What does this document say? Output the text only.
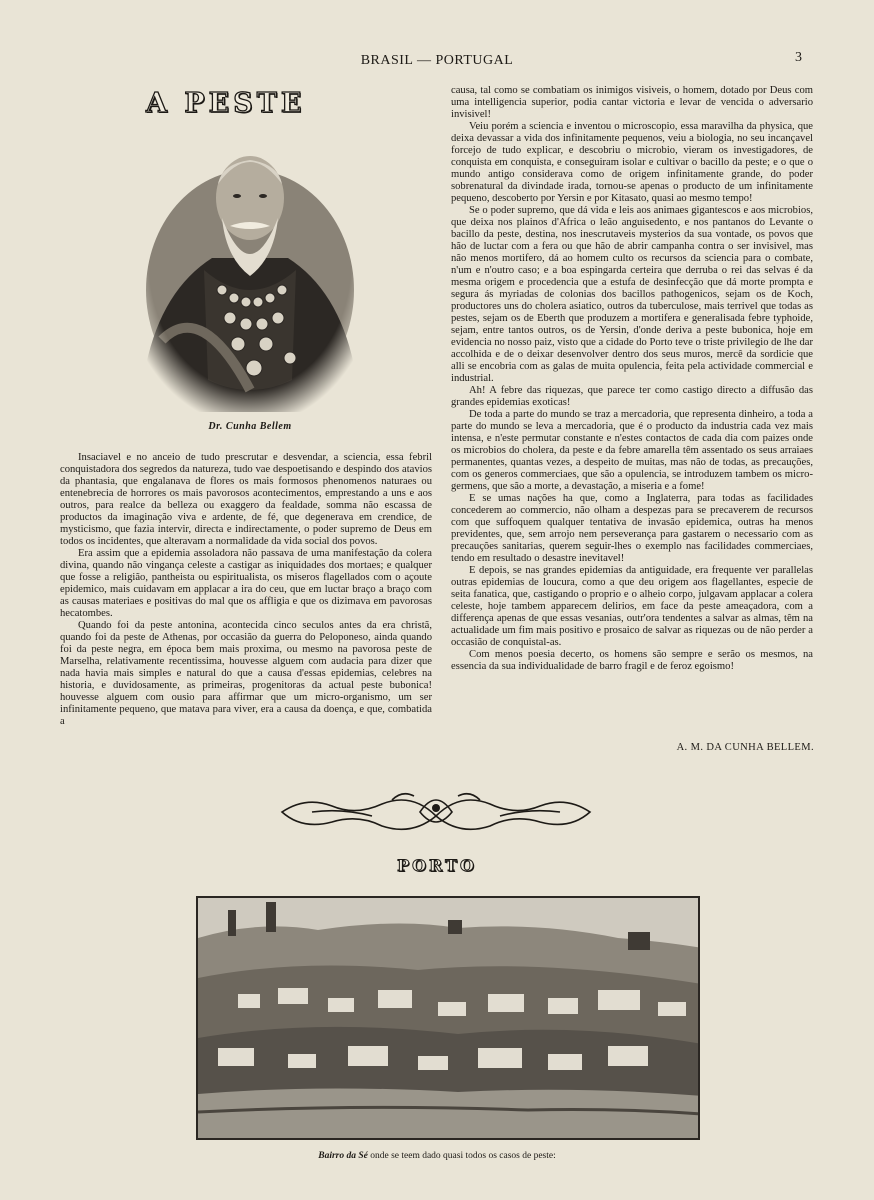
BRASIL — PORTUGAL	3
A PESTE
Dr. Cunha Bellem

Insaciavel e no anceio de tudo prescrutar e desvendar, a sciencia, essa febril conquistadora dos segredos da natureza, tudo vae despoetisando e despindo dos atavios da phantasia, que engalanava de flores os mais formosos phenomenos naturaes ou entenebrecia de horrores os mais pavorosos acontecimentos, emprestando a uns e aos outros, para realce da belleza ou exaggero da fealdade, somma não escassa de productos da imaginação viva e ardente, de fé, que degenerava em crendice, de mysticismo, que fazia intervir, directa e indirectamente, o poder supremo de Deus em todos os incidentes, que alteravam a normalidade da vida social dos povos.

Era assim que a epidemia assoladora não passava de uma manifestação da colera divina, quando não vingança celeste a castigar as iniquidades dos mortaes; e qualquer que fosse a religião, pantheista ou espiritualista, os miseros flagellados com o açoute epidemico, mais cuidavam em applacar a ira do ceu, que em luctar braço a braço com as causas materiaes e positivas do mal que os affligia e que os dizimava em pavorosas hecatombes.

Quando foi da peste antonina, acontecida cinco seculos antes da era christã, quando foi da peste de Athenas, por occasião da guerra do Peloponeso, ainda quando foi da peste negra, em época bem mais proxima, ou mesmo na pavorosa peste de Marselha, relativamente recentissima, houvesse alguem com audacia para dizer que nada havia mais simples e natural do que a causa d'essas epidemias, celebres na historia, e duvidosamente, as primeiras, progenitoras da actual peste bubonica! houvesse alguem com ousio para affirmar que um micro-organismo, um ser infinitamente pequeno, que matava para viver, era a causa da doença, e que, combatida a

causa, tal como se combatiam os inimigos visiveis, o homem, dotado por Deus com uma intelligencia superior, podia cantar victoria e levar de vencida o adversario invisivel!

Veiu porém a sciencia e inventou o microscopio, essa maravilha da physica, que deixa devassar a vida dos infinitamente pequenos, veiu a biologia, no seu incançavel forcejo de tudo explicar, e descobriu o microbio, vieram os investigadores, de conquista em conquista, e conseguiram isolar e cultivar o bacillo da peste; e o que o mundo antigo considerava como de origem infinitamente grande, do poder sobrenatural da divindade irada, tornou-se apenas o producto de um infinitamente pequeno, descoberto por Yersin e por Kitasato, quasi ao mesmo tempo!

Se o poder supremo, que dá vida e leis aos animaes gigantescos e aos microbios, que deixa nos plainos d'Africa o leão anguisedento, e nos pantanos do Levante o bacillo da peste, destina, nos inescrutaveis mysterios da sua vontade, os povos que hão de luctar com a fera ou que hão de abrir campanha contra o ser invisivel, mas não menos mortifero, dá ao homem culto os recursos da sciencia para o combate, n'um e n'outro caso; e a boa espingarda certeira que derruba o rei das selvas é da mesma origem e procedencia que a estufa de desinfecção que dá morte prompta e segura ás myriadas de colonias dos bacillos pathogenicos, sejam os de Koch, productores uns do cholera asiatico, outros da tuberculose, mais terrivel que todas as pestes, sejam os de Eberth que produzem a mortifera e generalisada febre typhoide, sejam, entre tantos outros, os de Yersin, d'onde deriva a peste bubonica, hoje em evidencia no nosso paiz, visto que a cidade do Porto teve o triste privilegio de lhe dar accolhida e de o deixar desenvolver dentro dos seus muros, mercê da sordicie que alli se encobria com as galas de muita opulencia, feita pela actividade commercial e industrial.

Ah! A febre das riquezas, que parece ter como castigo directo a diffusão das grandes epidemias exoticas!

De toda a parte do mundo se traz a mercadoria, que representa dinheiro, a toda a parte do mundo se leva a mercadoria, que é o producto da industria cada vez mais intensa, e n'este permutar constante e n'estes contactos de cada dia com paizes onde os microbios do cholera, da peste e da febre amarella têm assentado os seus arraiaes permanentes, quantas vezes, a despeito de muitas, mas não de todas, as precauções, com os generos commerciaes, que são a opulencia, se introduzem tambem os micro-germens, que são a morte, a devastação, a miseria e a fome!

E se umas nações ha que, como a Inglaterra, para todas as facilidades concederem ao commercio, não olham a despezas para se precaverem de recursos com que suffoquem qualquer tentativa de invasão epidemica, outras ha menos previdentes, que, sem arrojo nem perseverança para gastarem o necessario com as precauções sanitarias, querem seguir-lhes o exemplo nas facilidades commerciaes, tendo em resultado o desastre inevitavel!

E depois, se nas grandes epidemias da antiguidade, era frequente ver parallelas outras epidemias de loucura, como a que deu origem aos flagellantes, especie de seita fanatica, que, castigando o proprio e o alheio corpo, julgavam applacar a colera celeste, hoje tambem apparecem delirios, em face da peste ameaçadora, com a differença apenas de que essas vesanias, outr'ora tendentes a salvar as almas, têm na actualidade um fim mais positivo e prosaico de salvar as riquezas ou de não perder a occasião de conquistal-as.

Com menos poesia decerto, os homens são sempre e serão os mesmos, na essencia da sua individualidade de barro fragil e de feroz egoismo!

A. M. DA CUNHA BELLEM.
PORTO
Bairro da Sé onde se teem dado quasi todos os casos de peste:
